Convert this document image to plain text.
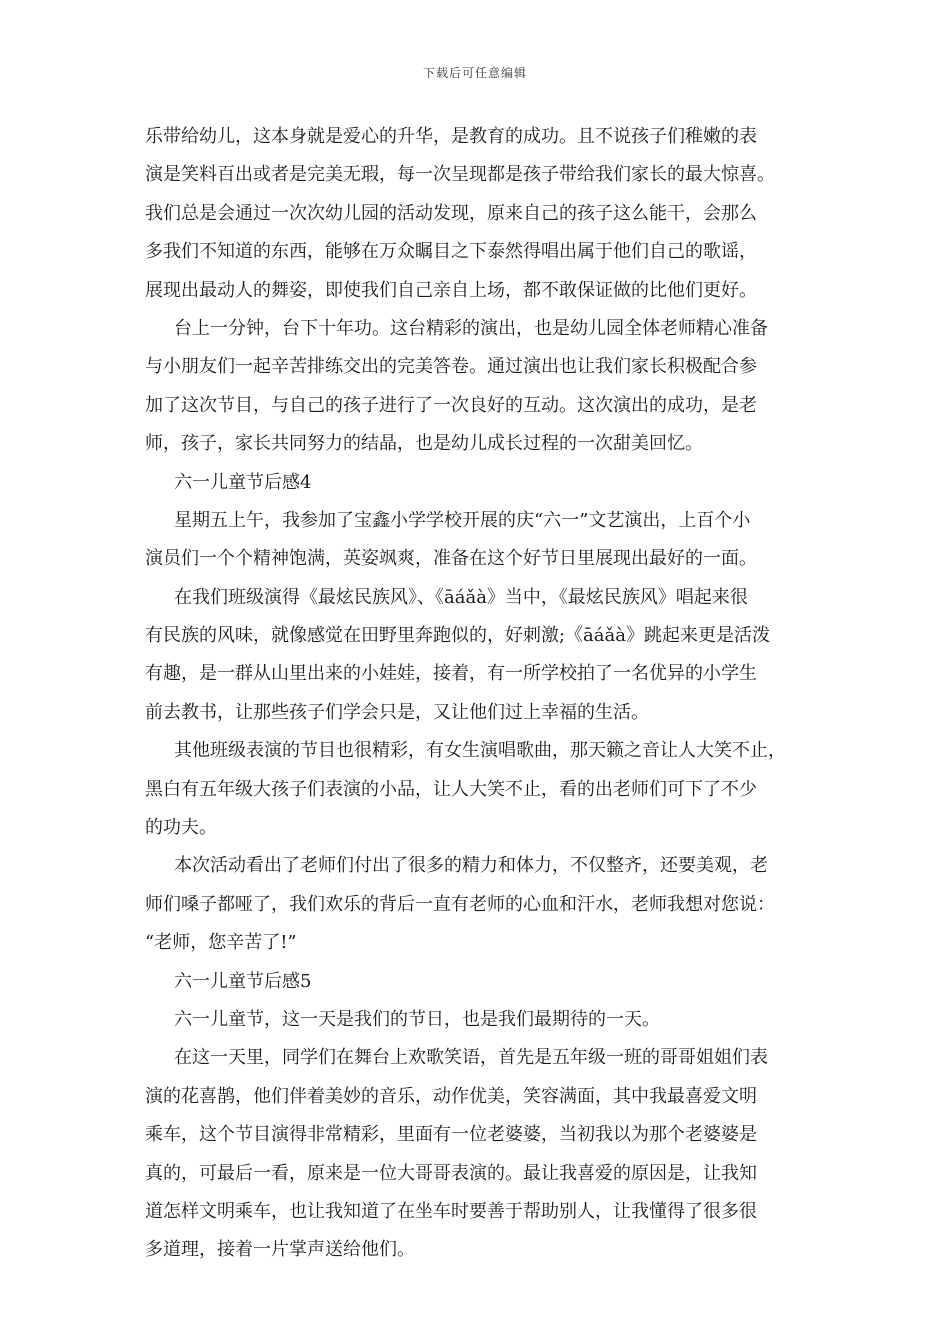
下载后可任意编辑
乐带给幼儿，这本身就是爱心的升华，是教育的成功。且不说孩子们稚嫩的表
演是笑料百出或者是完美无瑕，每一次呈现都是孩子带给我们家长的最大惊喜。
我们总是会通过一次次幼儿园的活动发现，原来自己的孩子这么能干，会那么
多我们不知道的东西，能够在万众瞩目之下泰然得唱出属于他们自己的歌谣，
展现出最动人的舞姿，即使我们自己亲自上场，都不敢保证做的比他们更好。
台上一分钟，台下十年功。这台精彩的演出，也是幼儿园全体老师精心准备
与小朋友们一起辛苦排练交出的完美答卷。通过演出也让我们家长积极配合参
加了这次节目，与自己的孩子进行了一次良好的互动。这次演出的成功，是老
师，孩子，家长共同努力的结晶，也是幼儿成长过程的一次甜美回忆。
六一儿童节后感4
星期五上午，我参加了宝鑫小学学校开展的庆“六一”文艺演出，上百个小
演员们一个个精神饱满，英姿飒爽，准备在这个好节日里展现出最好的一面。
在我们班级演得《最炫民族风》、《āáǎà》当中，《最炫民族风》唱起来很
有民族的风味，就像感觉在田野里奔跑似的，好刺激;《āáǎà》跳起来更是活泼
有趣，是一群从山里出来的小娃娃，接着，有一所学校拍了一名优异的小学生
前去教书，让那些孩子们学会只是，又让他们过上幸福的生活。
其他班级表演的节目也很精彩，有女生演唱歌曲，那天籁之音让人大笑不止，
黑白有五年级大孩子们表演的小品，让人大笑不止，看的出老师们可下了不少
的功夫。
本次活动看出了老师们付出了很多的精力和体力，不仅整齐，还要美观，老
师们嗓子都哑了，我们欢乐的背后一直有老师的心血和汗水，老师我想对您说：
“老师，您辛苦了!”
六一儿童节后感5
六一儿童节，这一天是我们的节日，也是我们最期待的一天。
在这一天里，同学们在舞台上欢歌笑语，首先是五年级一班的哥哥姐姐们表
演的花喜鹊，他们伴着美妙的音乐，动作优美，笑容满面，其中我最喜爱文明
乘车，这个节目演得非常精彩，里面有一位老婆婆，当初我以为那个老婆婆是
真的，可最后一看，原来是一位大哥哥表演的。最让我喜爱的原因是，让我知
道怎样文明乘车，也让我知道了在坐车时要善于帮助别人，让我懂得了很多很
多道理，接着一片掌声送给他们。
